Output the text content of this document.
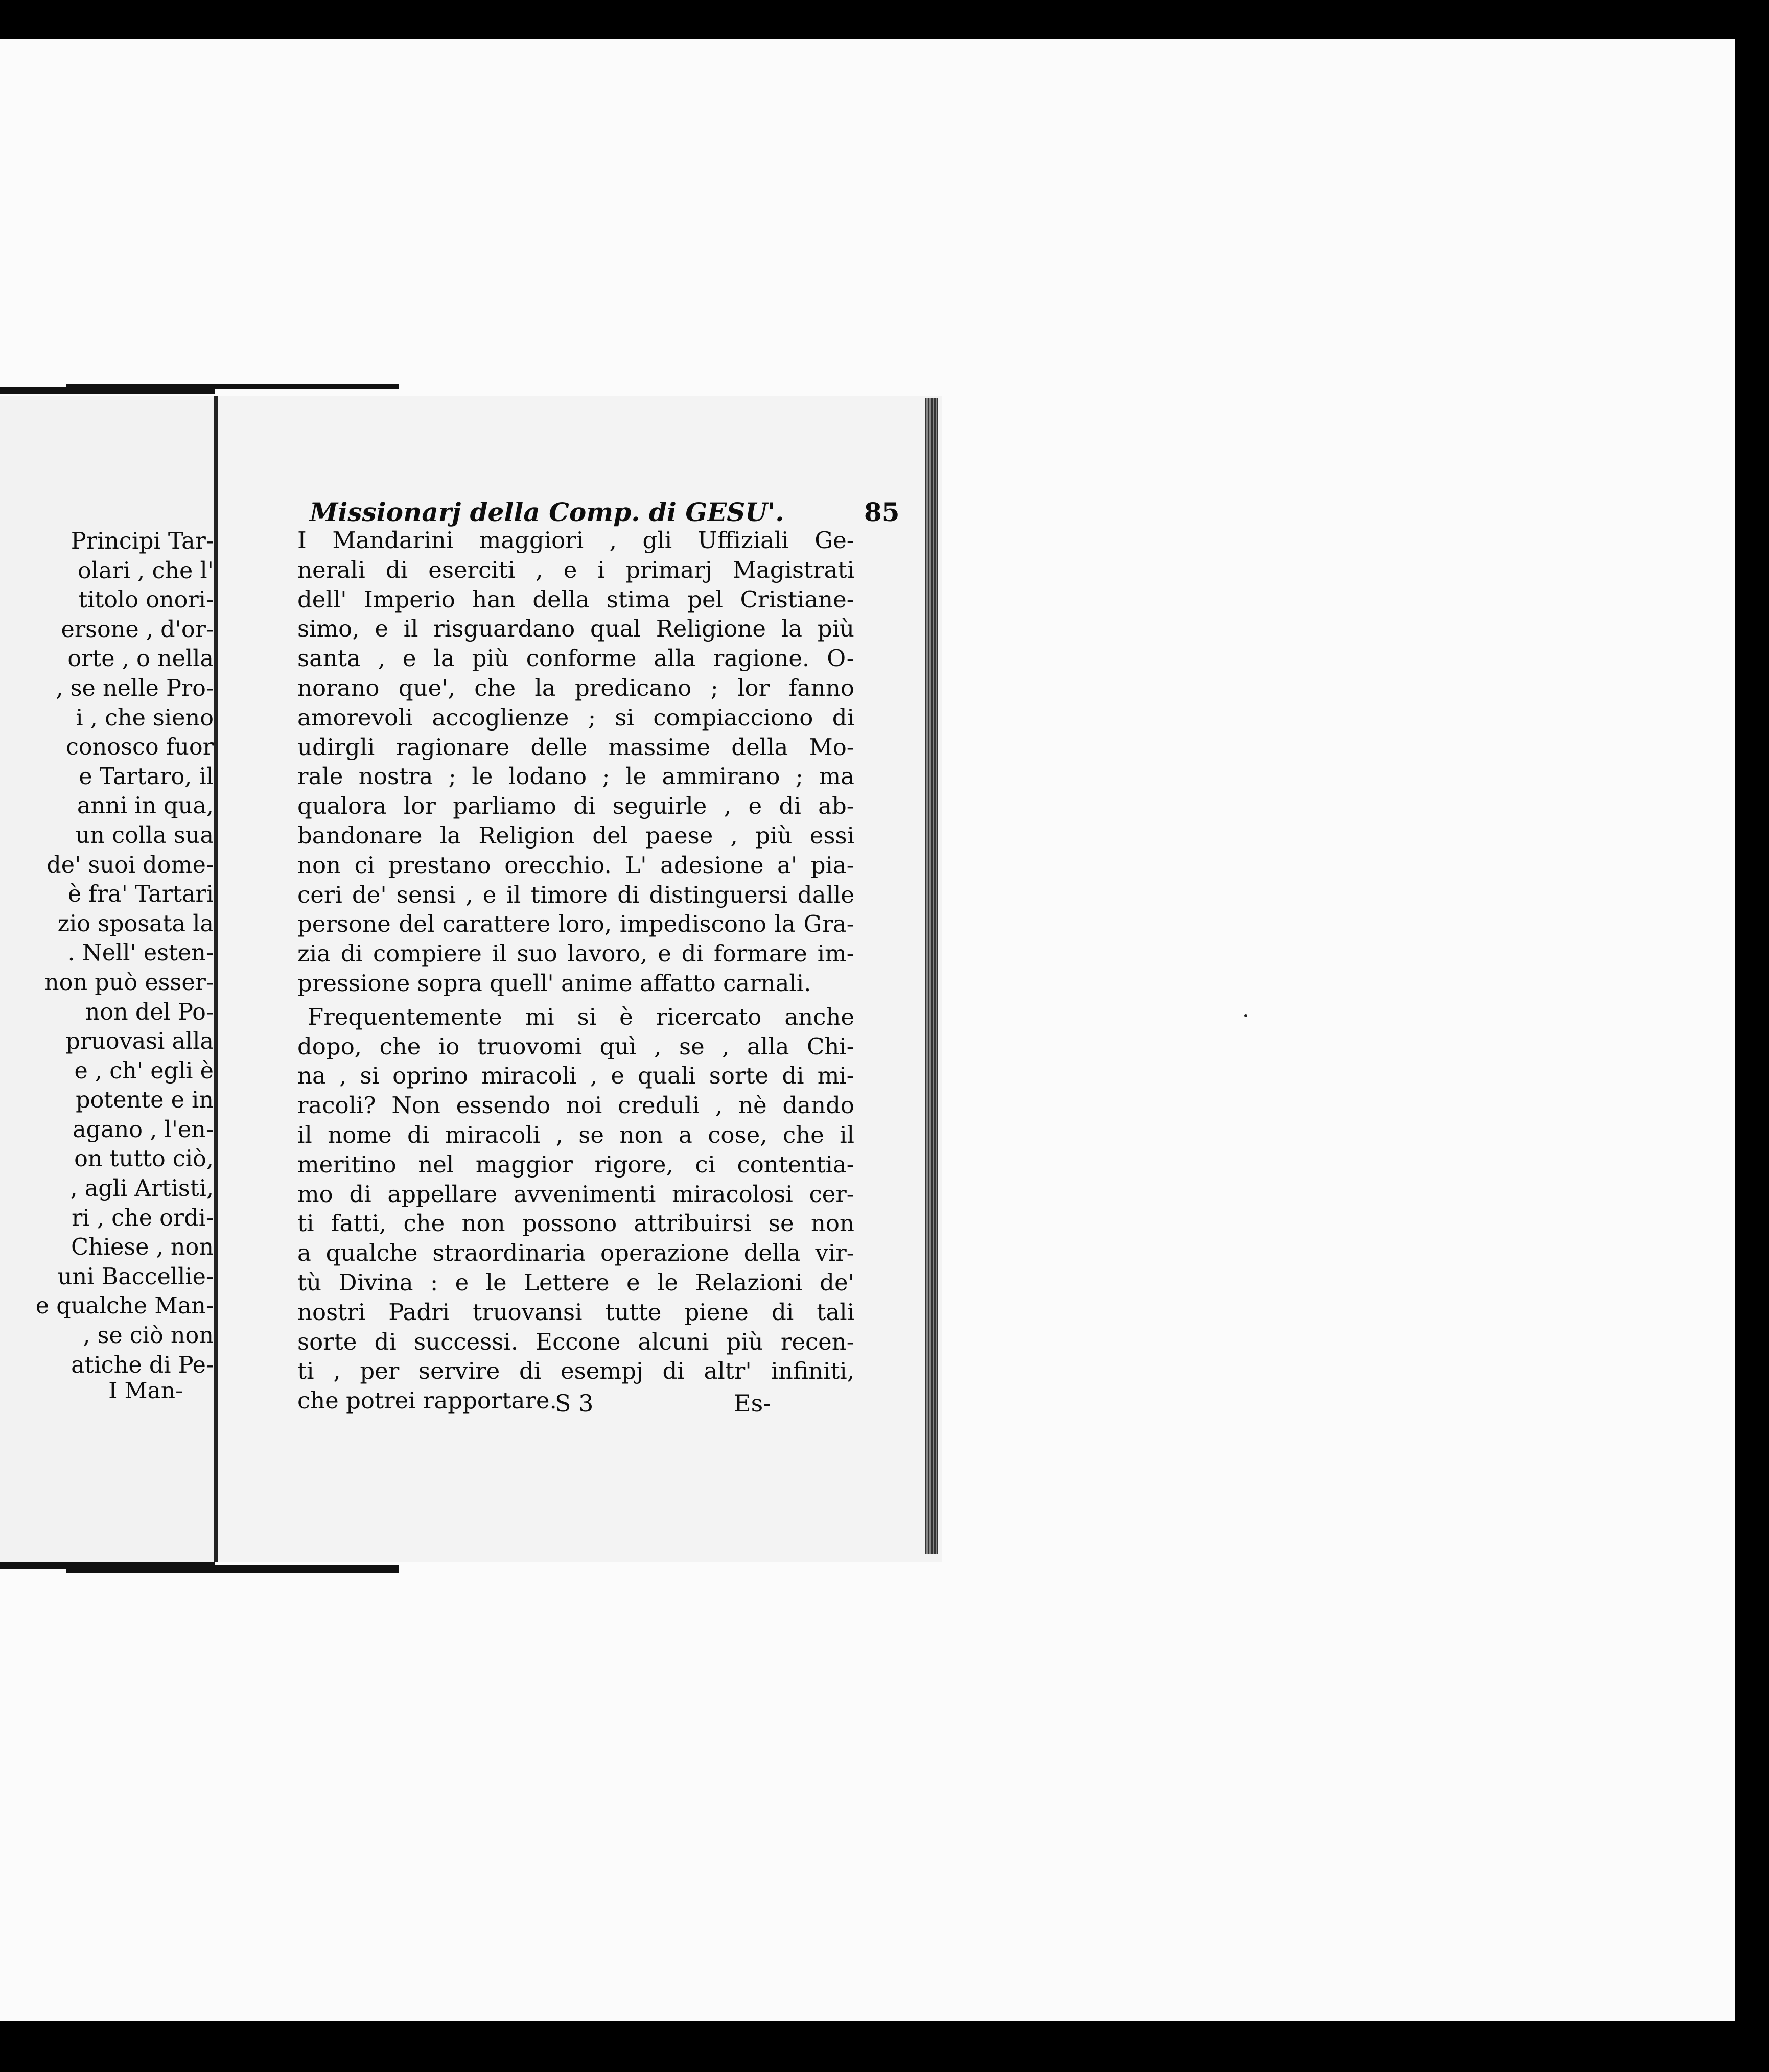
Principi Tar-
olari , che l'
titolo onori-
ersone , d'or-
orte , o nella
, se nelle Pro-
i , che sieno
conosco fuor
e Tartaro, il
anni in qua,
un colla sua
de' suoi dome-
è fra' Tartari
zio sposata la
. Nell' esten-
non può esser-
non del Po-
pruovasi alla
e , ch' egli è
potente e in
agano , l'en-
on tutto ciò,
, agli Artisti,
ri , che ordi-
Chiese , non
uni Baccellie-
e qualche Man-
, se ciò non
atiche di Pe-
I Man-
Missionarj della Comp. di GESU'.	85
I Mandarini maggiori , gli Uffiziali Ge-
nerali di eserciti , e i primarj Magistrati
dell' Imperio han della stima pel Cristiane-
simo, e il risguardano qual Religione la più
santa , e la più conforme alla ragione. O-
norano que', che la predicano ; lor fanno
amorevoli accoglienze ; si compiacciono di
udirgli ragionare delle massime della Mo-
rale nostra ; le lodano ; le ammirano ; ma
qualora lor parliamo di seguirle , e di ab-
bandonare la Religion del paese , più essi
non ci prestano orecchio. L' adesione a' pia-
ceri de' sensi , e il timore di distinguersi dalle
persone del carattere loro, impediscono la Gra-
zia di compiere il suo lavoro, e di formare im-
pressione sopra quell' anime affatto carnali.
Frequentemente mi si è ricercato anche
dopo, che io truovomi quì , se , alla Chi-
na , si oprino miracoli , e quali sorte di mi-
racoli? Non essendo noi creduli , nè dando
il nome di miracoli , se non a cose, che il
meritino nel maggior rigore, ci contentia-
mo di appellare avvenimenti miracolosi cer-
ti fatti, che non possono attribuirsi se non
a qualche straordinaria operazione della vir-
tù Divina : e le Lettere e le Relazioni de'
nostri Padri truovansi tutte piene di tali
sorte di successi. Eccone alcuni più recen-
ti , per servire di esempj di altr' infiniti,
che potrei rapportare.
S 3	Es-
